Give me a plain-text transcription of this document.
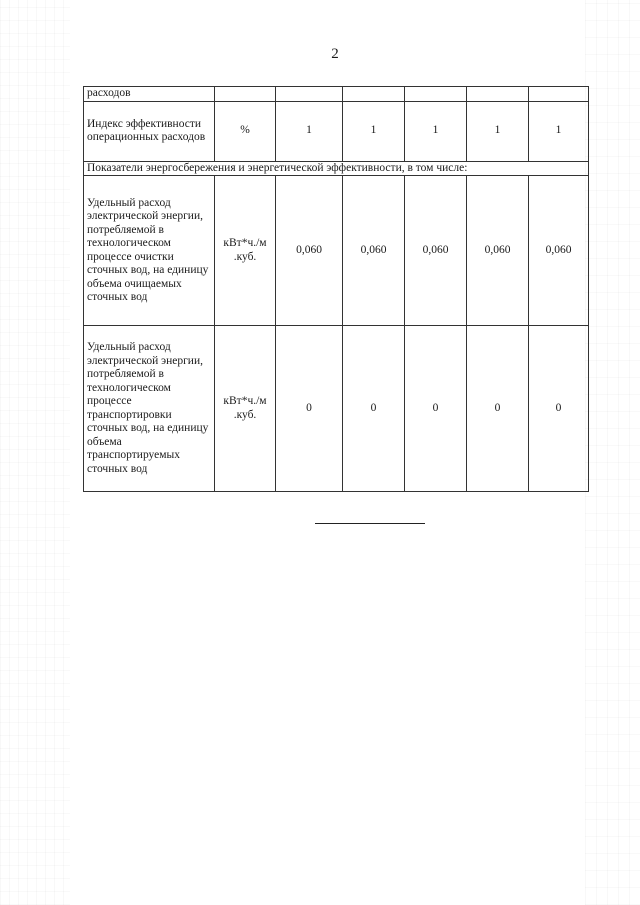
2
расходов						
Индекс эффективности операционных расходов	%	1	1	1	1	1
Показатели энергосбережения и энергетической эффективности, в том числе:						
Удельный расход электрической энергии, потребляемой в технологическом процессе очистки сточных вод, на единицу объема очищаемых сточных вод	кВт*ч./м .куб.	0,060	0,060	0,060	0,060	0,060
Удельный расход электрической энергии, потребляемой в технологическом процессе транспортировки сточных вод, на единицу объема транспортируемых сточных вод	кВт*ч./м .куб.	0	0	0	0	0
